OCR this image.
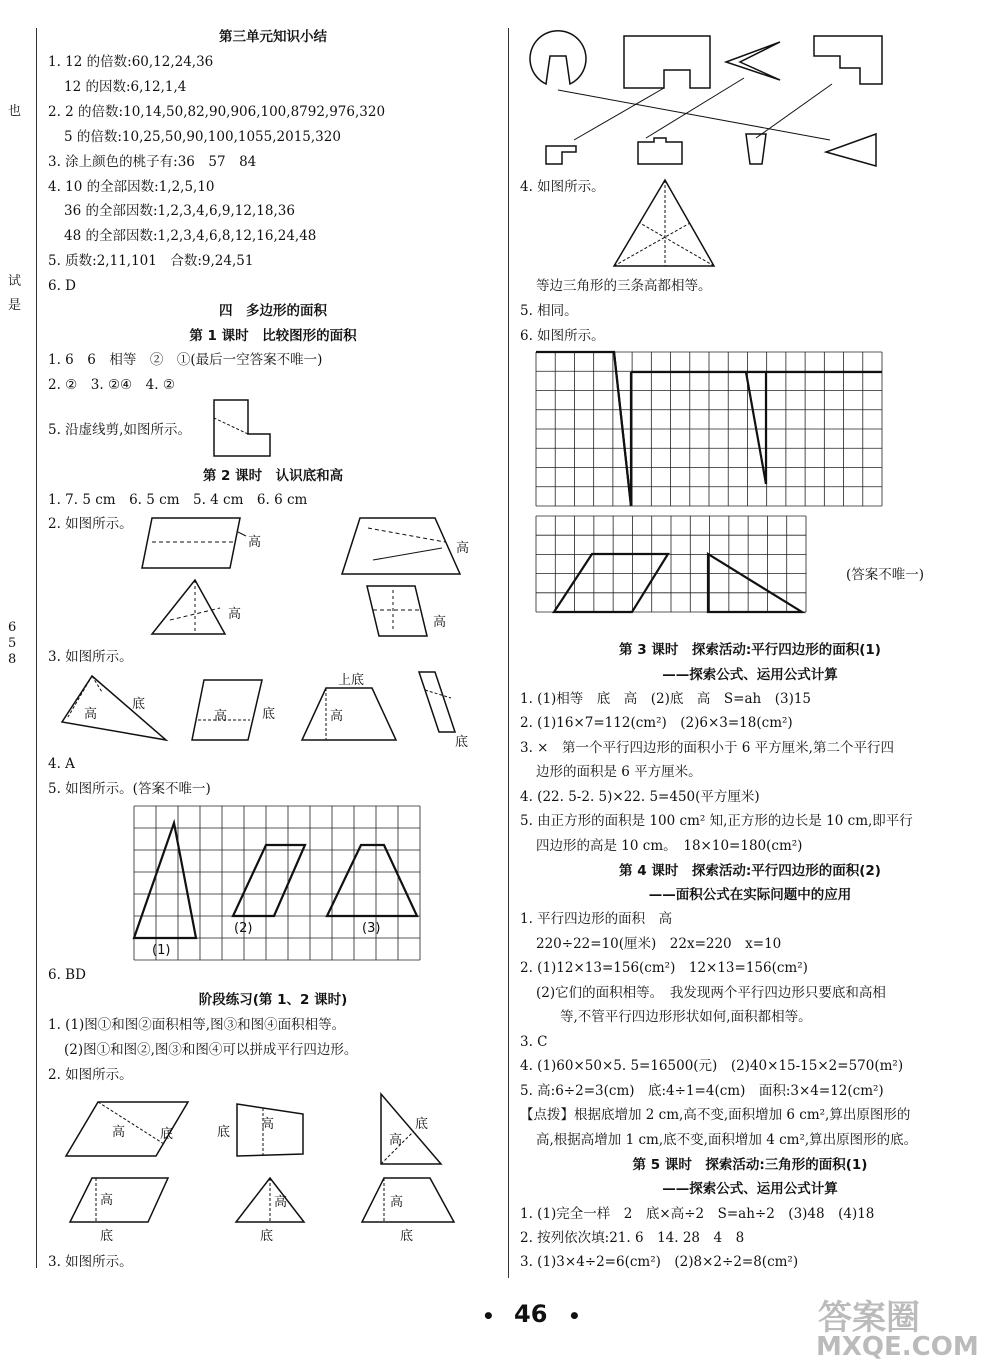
也
试
是
6
5
8
第三单元知识小结
1. 12 的倍数:60,12,24,36
12 的因数:6,12,1,4
2. 2 的倍数:10,14,50,82,90,906,100,8792,976,320
5 的倍数:10,25,50,90,100,1055,2015,320
3. 涂上颜色的桃子有:36　57　84
4. 10 的全部因数:1,2,5,10
36 的全部因数:1,2,3,4,6,9,12,18,36
48 的全部因数:1,2,3,4,6,8,12,16,24,48
5. 质数:2,11,101　合数:9,24,51
6. D
四　多边形的面积
第 1 课时　比较图形的面积
1. 6　6　相等　②　①(最后一空答案不唯一)
2. ②　3. ②④　4. ②
5. 沿虚线剪,如图所示。
第 2 课时　认识底和高
1. 7. 5 cm　6. 5 cm　5. 4 cm　6. 6 cm
2. 如图所示。
高	高
高
高
3. 如图所示。
高
底
高	底
上底
高
底
4. A
5. 如图所示。(答案不唯一)
(1)
(2)	(3)
6. BD
阶段练习(第 1、2 课时)
1. (1)图①和图②面积相等,图③和图④面积相等。
(2)图①和图②,图③和图④可以拼成平行四边形。
2. 如图所示。
高	底	底
高	底
高
高
底
高
底
高
底
3. 如图所示。
4. 如图所示。
等边三角形的三条高都相等。
5. 相同。
6. 如图所示。
(答案不唯一)
第 3 课时　探索活动:平行四边形的面积(1)
——探索公式、运用公式计算
1. (1)相等　底　高　(2)底　高　S=ah　(3)15
2. (1)16×7=112(cm²)　(2)6×3=18(cm²)
3. ×　第一个平行四边形的面积小于 6 平方厘米,第二个平行四
边形的面积是 6 平方厘米。
4. (22. 5-2. 5)×22. 5=450(平方厘米)
5. 由正方形的面积是 100 cm² 知,正方形的边长是 10 cm,即平行
四边形的高是 10 cm。　18×10=180(cm²)
第 4 课时　探索活动:平行四边形的面积(2)
——面积公式在实际问题中的应用
1. 平行四边形的面积　高
220÷22=10(厘米)　22x=220　x=10
2. (1)12×13=156(cm²)　12×13=156(cm²)
(2)它们的面积相等。　我发现两个平行四边形只要底和高相
等,不管平行四边形形状如何,面积都相等。
3. C
4. (1)60×50×5. 5=16500(元)　(2)40×15-15×2=570(m²)
5. 高:6÷2=3(cm)　底:4÷1=4(cm)　面积:3×4=12(cm²)
【点拨】根据底增加 2 cm,高不变,面积增加 6 cm²,算出原图形的
高,根据高增加 1 cm,底不变,面积增加 4 cm²,算出原图形的底。
第 5 课时　探索活动:三角形的面积(1)
——探索公式、运用公式计算
1. (1)完全一样　2　底×高÷2　S=ah÷2　(3)48　(4)18
2. 按列依次填:21. 6　14. 28　4　8
3. (1)3×4÷2=6(cm²)　(2)8×2÷2=8(cm²)
• 46 •	答案圈
MXQE.COM
